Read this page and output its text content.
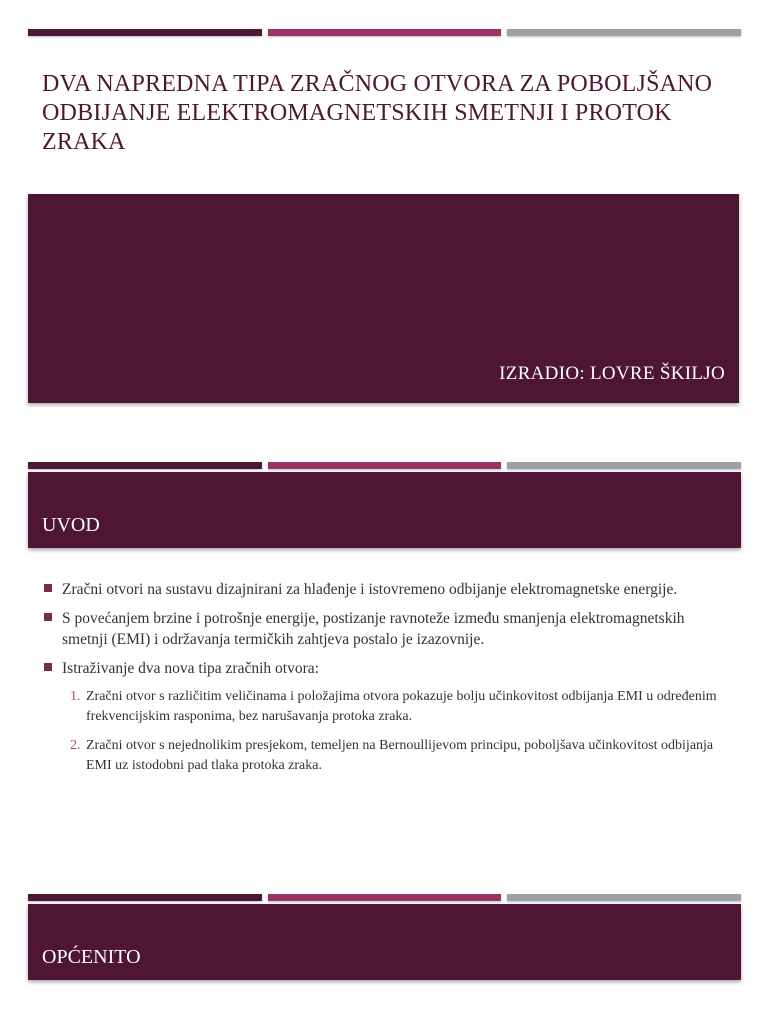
DVA NAPREDNA TIPA ZRAČNOG OTVORA ZA POBOLJŠANO ODBIJANJE ELEKTROMAGNETSKIH SMETNJI I PROTOK ZRAKA
IZRADIO: LOVRE ŠKILJO
UVOD
Zračni otvori na sustavu dizajnirani za hlađenje i istovremeno odbijanje elektromagnetske energije.
S povećanjem brzine i potrošnje energije, postizanje ravnoteže između smanjenja elektromagnetskih smetnji (EMI) i održavanja termičkih zahtjeva postalo je izazovnije.
Istraživanje dva nova tipa zračnih otvora:
1. Zračni otvor s različitim veličinama i položajima otvora pokazuje bolju učinkovitost odbijanja EMI u određenim frekvencijskim rasponima, bez narušavanja protoka zraka.
2. Zračni otvor s nejednolikim presjekom, temeljen na Bernoullijevom principu, poboljšava učinkovitost odbijanja EMI uz istodobni pad tlaka protoka zraka.
OPĆENITO
